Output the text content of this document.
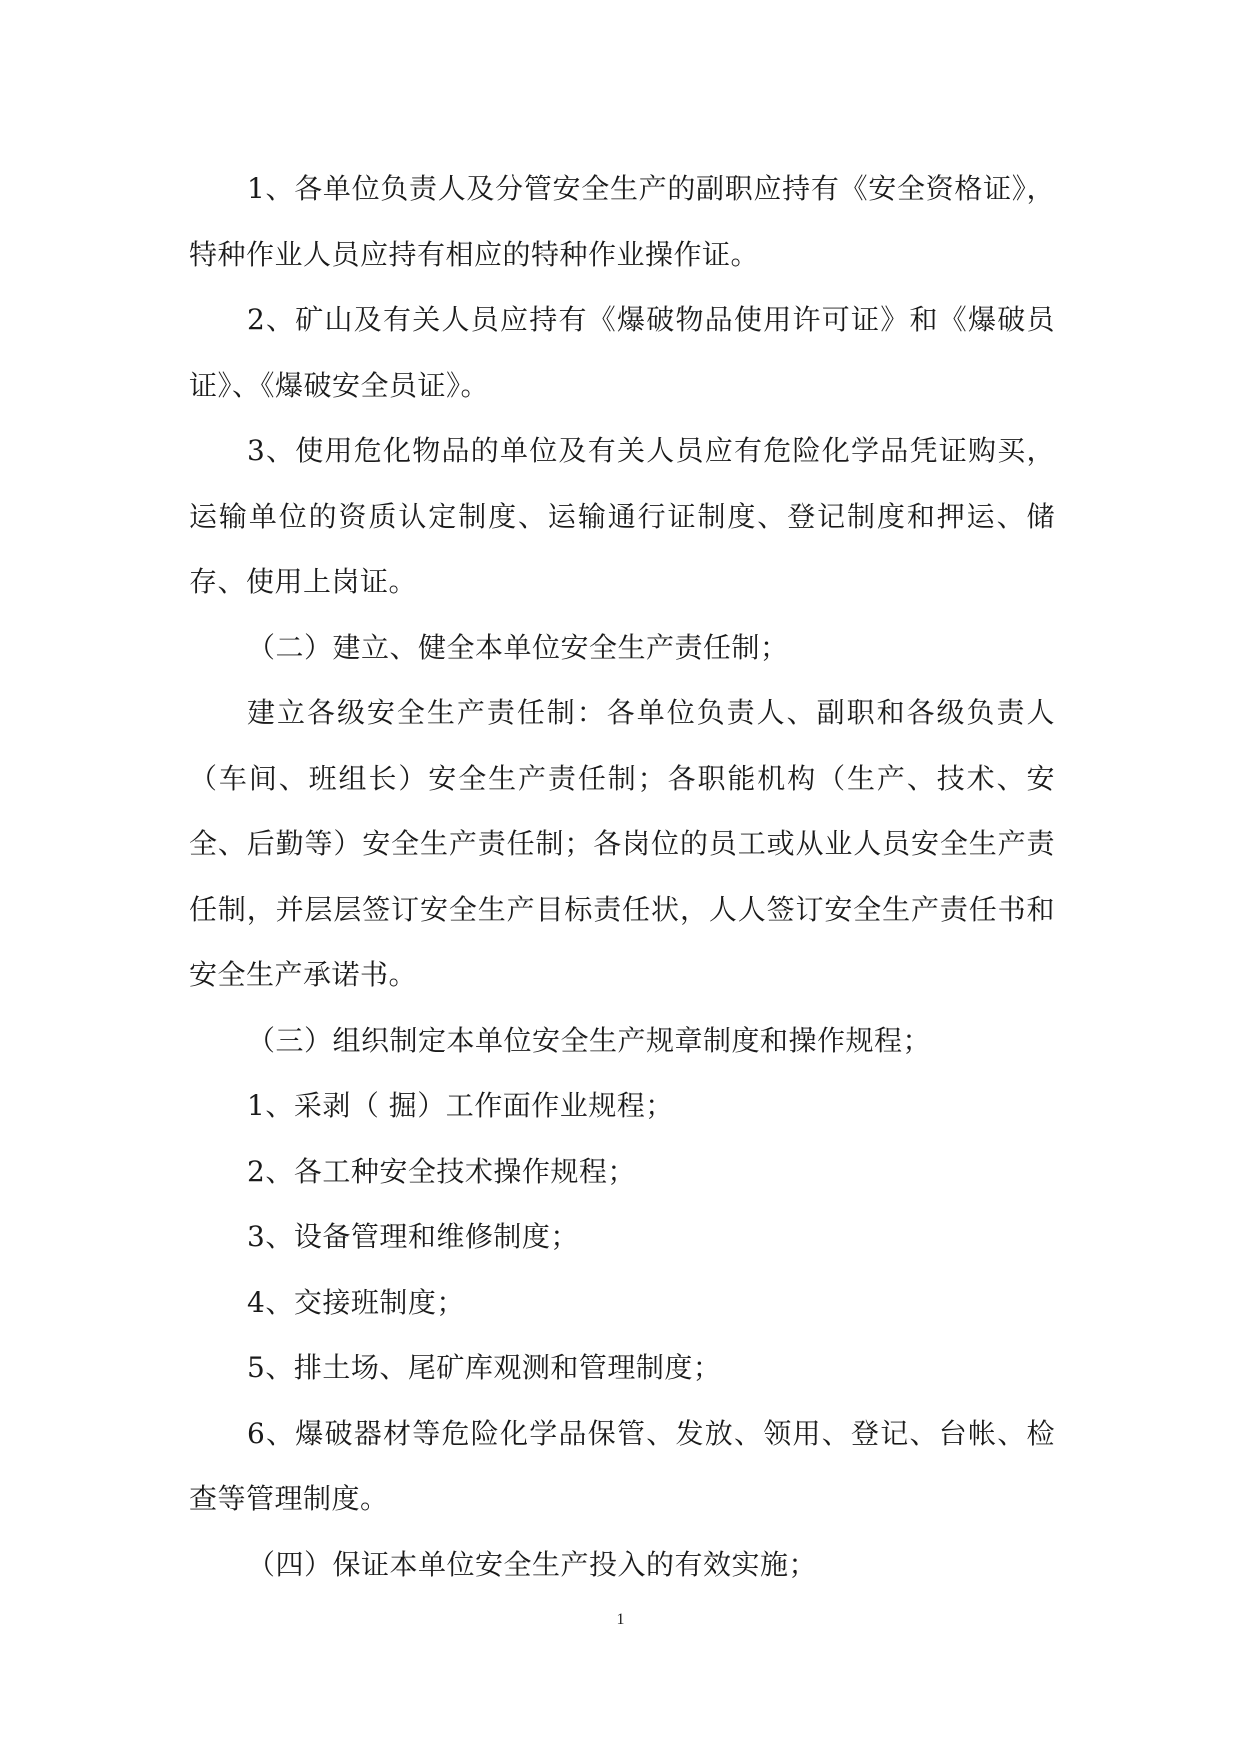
1、各单位负责人及分管安全生产的副职应持有《安全资格证》，特种作业人员应持有相应的特种作业操作证。

2、矿山及有关人员应持有《爆破物品使用许可证》和《爆破员证》、《爆破安全员证》。

3、使用危化物品的单位及有关人员应有危险化学品凭证购买，运输单位的资质认定制度、运输通行证制度、登记制度和押运、储存、使用上岗证。

（二）建立、健全本单位安全生产责任制；

建立各级安全生产责任制：各单位负责人、副职和各级负责人（车间、班组长）安全生产责任制；各职能机构（生产、技术、安全、后勤等）安全生产责任制；各岗位的员工或从业人员安全生产责任制，并层层签订安全生产目标责任状，人人签订安全生产责任书和安全生产承诺书。

（三）组织制定本单位安全生产规章制度和操作规程；

1、采剥（ 掘）工作面作业规程；

2、各工种安全技术操作规程；

3、设备管理和维修制度；

4、交接班制度；

5、排土场、尾矿库观测和管理制度；

6、爆破器材等危险化学品保管、发放、领用、登记、台帐、检查等管理制度。

（四）保证本单位安全生产投入的有效实施；

1
